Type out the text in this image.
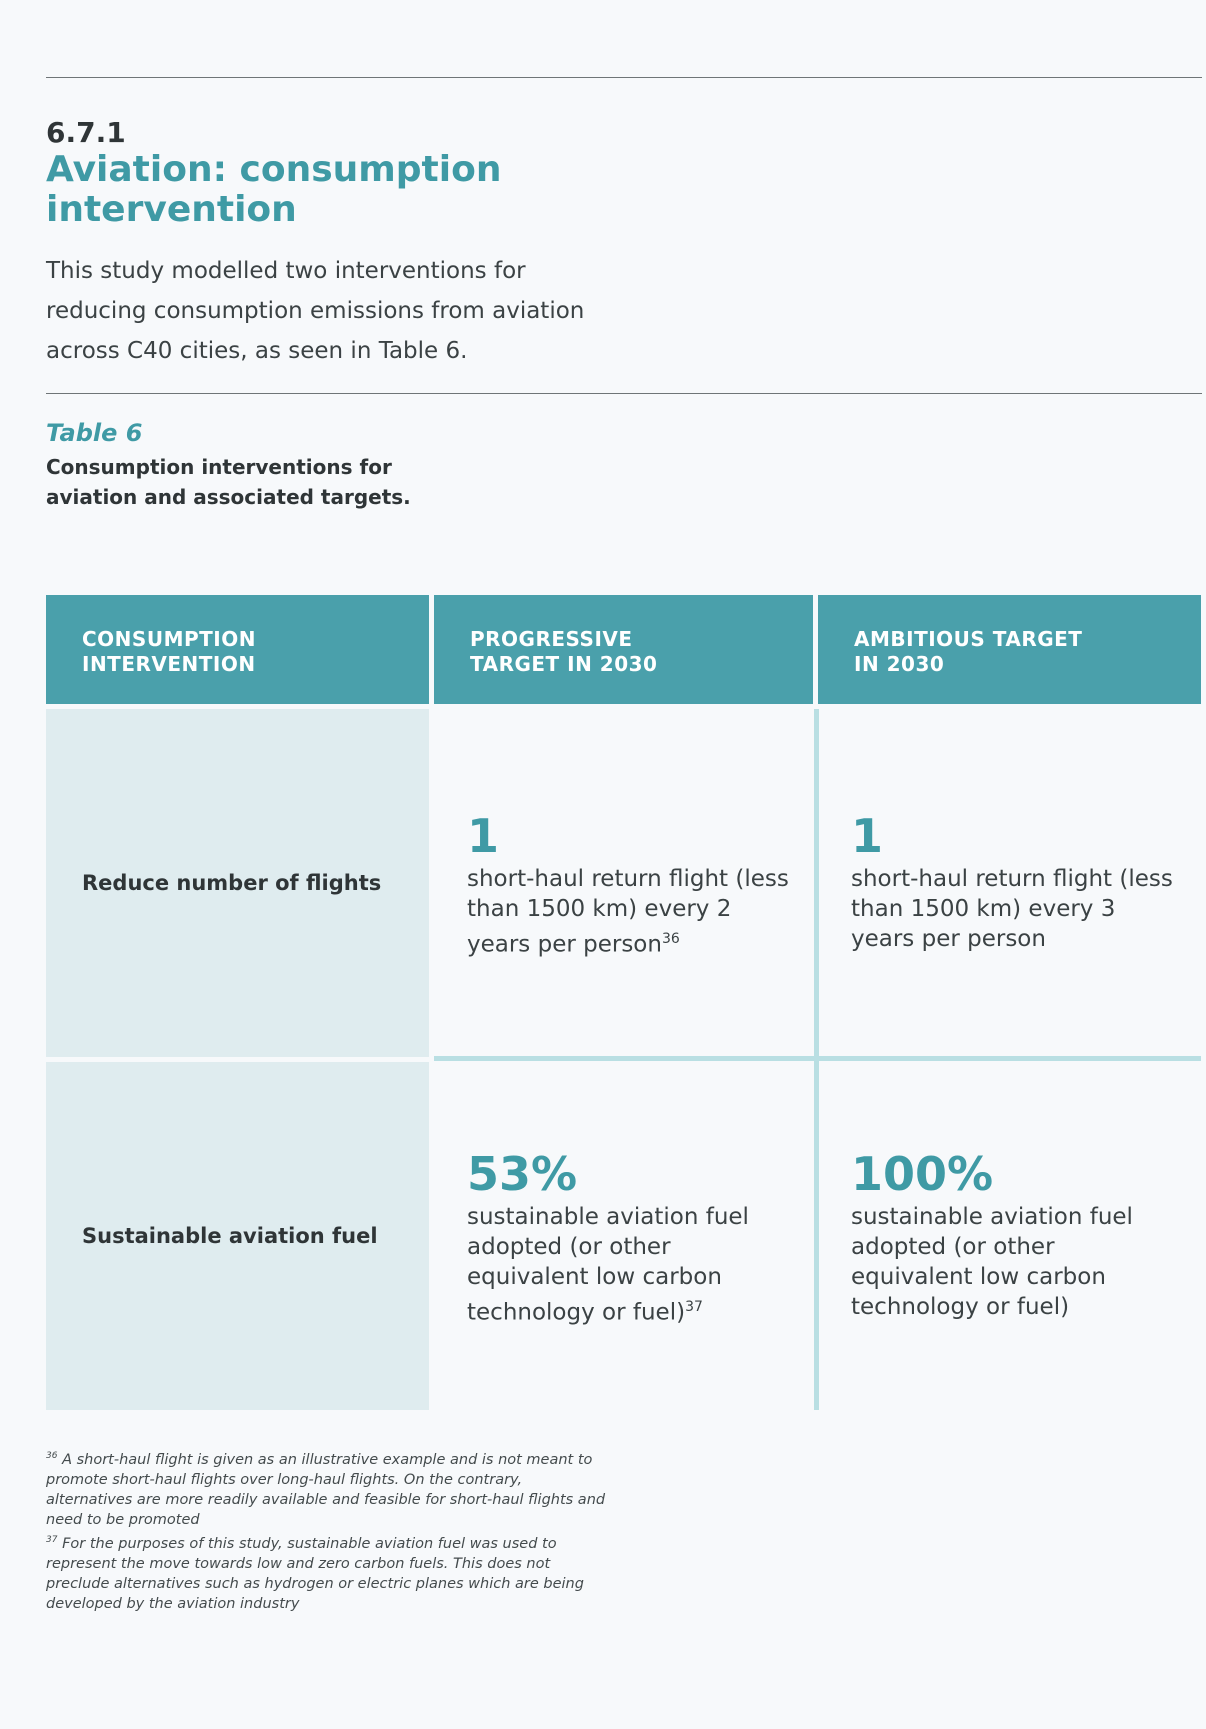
6.7.1
Aviation: consumption intervention
This study modelled two interventions for reducing consumption emissions from aviation across C40 cities, as seen in Table 6.
Table 6
Consumption interventions for aviation and associated targets.
CONSUMPTION INTERVENTION
PROGRESSIVE TARGET IN 2030
AMBITIOUS TARGET IN 2030
Reduce number of flights
1
short-haul return flight (less than 1500 km) every 2 years per person$^{36}$
1
short-haul return flight (less than 1500 km) every 3 years per person
Sustainable aviation fuel
53%
sustainable aviation fuel adopted (or other equivalent low carbon technology or fuel)$^{37}$
100%
sustainable aviation fuel adopted (or other equivalent low carbon technology or fuel)
$^{36}$ A short-haul flight is given as an illustrative example and is not meant to promote short-haul flights over long-haul flights. On the contrary, alternatives are more readily available and feasible for short-haul flights and need to be promoted
$^{37}$ For the purposes of this study, sustainable aviation fuel was used to represent the move towards low and zero carbon fuels. This does not preclude alternatives such as hydrogen or electric planes which are being developed by the aviation industry
